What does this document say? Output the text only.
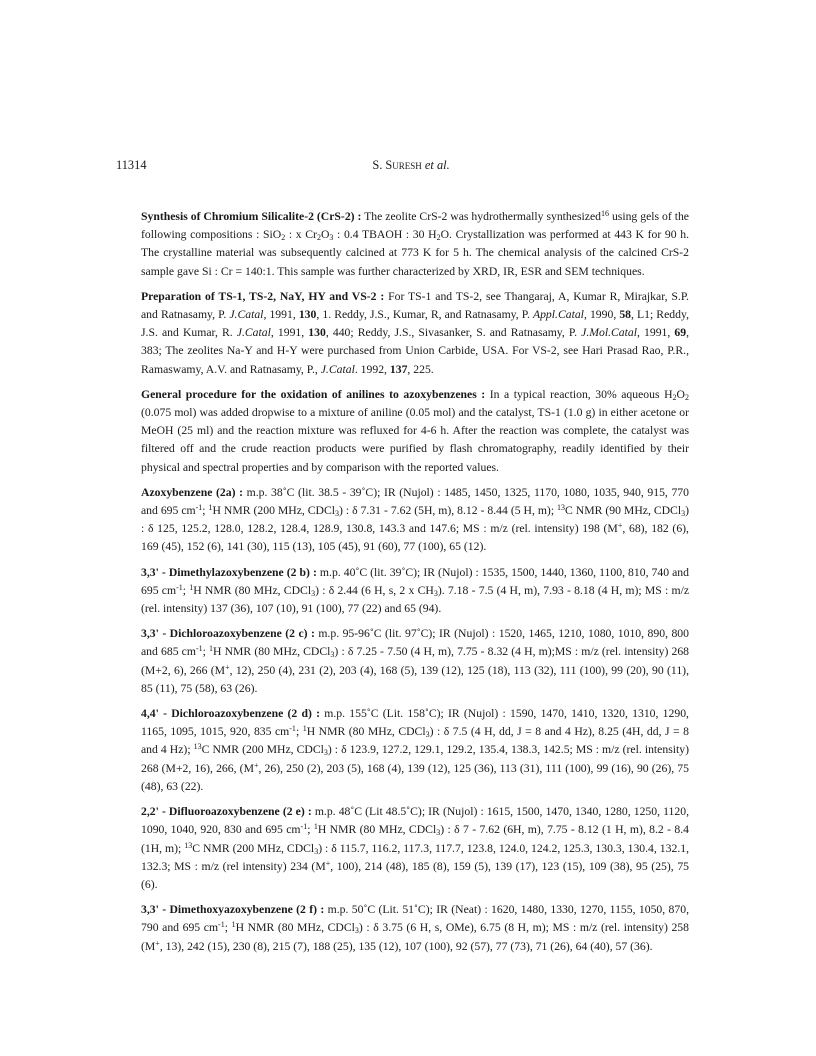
11314	S. Suresh et al.

Synthesis of Chromium Silicalite-2 (CrS-2) : The zeolite CrS-2 was hydrothermally synthesized$^{16}$ using gels of the following compositions : SiO$_2$ : x $Cr_2O_3$ : 0.4 TBAOH : 30 $H_2O$. Crystallization was performed at 443 K for 90 h. The crystalline material was subsequently calcined at 773 K for 5 h. The chemical analysis of the calcined CrS-2 sample gave Si : Cr = 140:1. This sample was further characterized by XRD, IR, ESR and SEM techniques.

Preparation of TS-1, TS-2, NaY, HY and VS-2 : For TS-1 and TS-2, see Thangaraj, A, Kumar R, Mirajkar, S.P. and Ratnasamy, P. J.Catal, 1991, 130, 1. Reddy, J.S., Kumar, R, and Ratnasamy, P. Appl.Catal, 1990, 58, L1; Reddy, J.S. and Kumar, R. J.Catal, 1991, 130, 440; Reddy, J.S., Sivasanker, S. and Ratnasamy, P. J.Mol.Catal, 1991, 69, 383; The zeolites Na-Y and H-Y were purchased from Union Carbide, USA. For VS-2, see Hari Prasad Rao, P.R., Ramaswamy, A.V. and Ratnasamy, P., J.Catal. 1992, 137, 225.

General procedure for the oxidation of anilines to azoxybenzenes : In a typical reaction, 30% aqueous $H_2O_2$ (0.075 mol) was added dropwise to a mixture of aniline (0.05 mol) and the catalyst, TS-1 (1.0 g) in either acetone or MeOH (25 ml) and the reaction mixture was refluxed for 4-6 h. After the reaction was complete, the catalyst was filtered off and the crude reaction products were purified by flash chromatography, readily identified by their physical and spectral properties and by comparison with the reported values.

Azoxybenzene (2a) : m.p. 38˚C (lit. 38.5 - 39˚C); IR (Nujol) : 1485, 1450, 1325, 1170, 1080, 1035, 940, 915, 770 and 695 $cm^{-1}$; $^1$H NMR (200 MHz, CDCl$_3$) : δ 7.31 - 7.62 (5H, m), 8.12 - 8.44 (5 H, m); $^{13}$C NMR (90 MHz, CDCl$_3$) : δ 125, 125.2, 128.0, 128.2, 128.4, 128.9, 130.8, 143.3 and 147.6; MS : m/z (rel. intensity) 198 (M+, 68), 182 (6), 169 (45), 152 (6), 141 (30), 115 (13), 105 (45), 91 (60), 77 (100), 65 (12).

3,3' - Dimethylazoxybenzene (2 b) : m.p. 40˚C (lit. 39˚C); IR (Nujol) : 1535, 1500, 1440, 1360, 1100, 810, 740 and 695 $cm^{-1}$; $^1$H NMR (80 MHz, CDCl$_3$) : δ 2.44 (6 H, s, 2 x $CH_3$). 7.18 - 7.5 (4 H, m), 7.93 - 8.18 (4 H, m); MS : m/z (rel. intensity) 137 (36), 107 (10), 91 (100), 77 (22) and 65 (94).

3,3' - Dichloroazoxybenzene (2 c) : m.p. 95-96˚C (lit. 97˚C); IR (Nujol) : 1520, 1465, 1210, 1080, 1010, 890, 800 and 685 $cm^{-1}$; $^1$H NMR (80 MHz, CDCl$_3$) : δ 7.25 - 7.50 (4 H, m), 7.75 - 8.32 (4 H, m);MS : m/z (rel. intensity) 268 (M+2, 6), 266 (M+, 12), 250 (4), 231 (2), 203 (4), 168 (5), 139 (12), 125 (18), 113 (32), 111 (100), 99 (20), 90 (11), 85 (11), 75 (58), 63 (26).

4,4' - Dichloroazoxybenzene (2 d) : m.p. 155˚C (Lit. 158˚C); IR (Nujol) : 1590, 1470, 1410, 1320, 1310, 1290, 1165, 1095, 1015, 920, 835 $cm^{-1}$; $^1$H NMR (80 MHz, CDCl$_3$) : δ 7.5 (4 H, dd, J = 8 and 4 Hz), 8.25 (4H, dd, J = 8 and 4 Hz); $^{13}$C NMR (200 MHz, CDCl$_3$) : δ 123.9, 127.2, 129.1, 129.2, 135.4, 138.3, 142.5; MS : m/z (rel. intensity) 268 (M+2, 16), 266, (M+, 26), 250 (2), 203 (5), 168 (4), 139 (12), 125 (36), 113 (31), 111 (100), 99 (16), 90 (26), 75 (48), 63 (22).

2,2' - Difluoroazoxybenzene (2 e) : m.p. 48˚C (Lit 48.5˚C); IR (Nujol) : 1615, 1500, 1470, 1340, 1280, 1250, 1120, 1090, 1040, 920, 830 and 695 $cm^{-1}$; $^1$H NMR (80 MHz, CDCl$_3$) : δ 7 - 7.62 (6H, m), 7.75 - 8.12 (1 H, m), 8.2 - 8.4 (1H, m); $^{13}$C NMR (200 MHz, CDCl$_3$) : δ 115.7, 116.2, 117.3, 117.7, 123.8, 124.0, 124.2, 125.3, 130.3, 130.4, 132.1, 132.3; MS : m/z (rel intensity) 234 (M+, 100), 214 (48), 185 (8), 159 (5), 139 (17), 123 (15), 109 (38), 95 (25), 75 (6).

3,3' - Dimethoxyazoxybenzene (2 f) : m.p. 50˚C (Lit. 51˚C); IR (Neat) : 1620, 1480, 1330, 1270, 1155, 1050, 870, 790 and 695 $cm^{-1}$; $^1$H NMR (80 MHz, CDCl$_3$) : δ 3.75 (6 H, s, OMe), 6.75 (8 H, m); MS : m/z (rel. intensity) 258 (M+, 13), 242 (15), 230 (8), 215 (7), 188 (25), 135 (12), 107 (100), 92 (57), 77 (73), 71 (26), 64 (40), 57 (36).
